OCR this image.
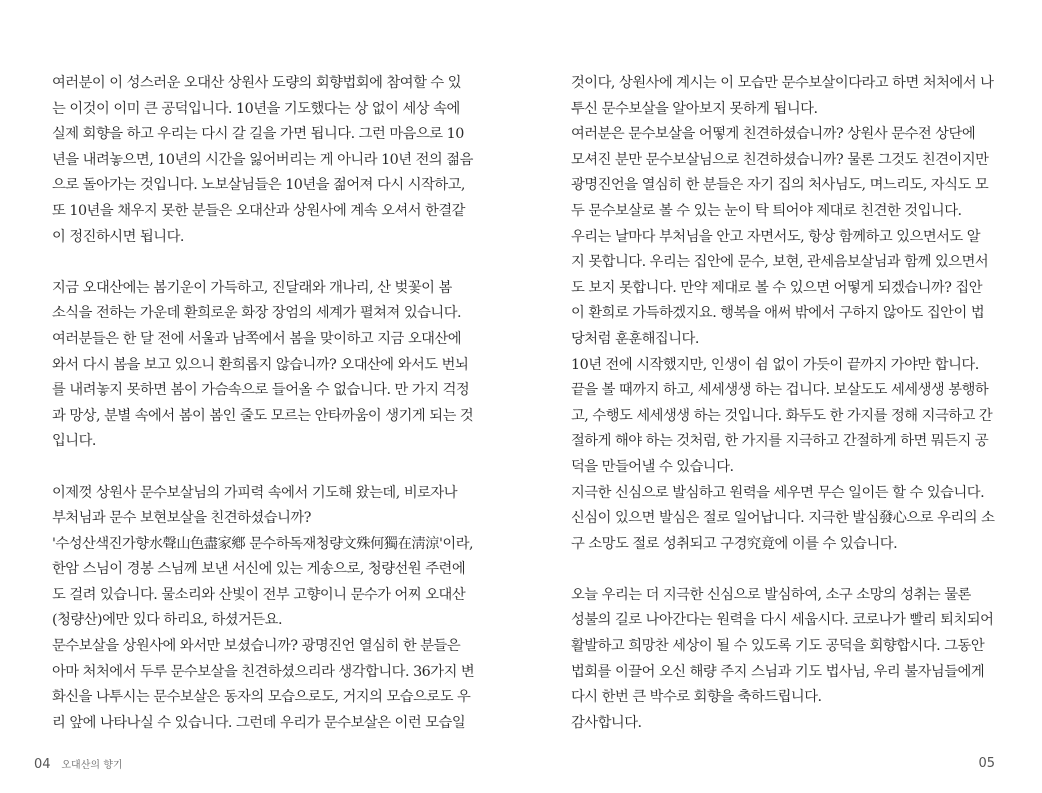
여러분이 이 성스러운 오대산 상원사 도량의 회향법회에 참여할 수 있
는 이것이 이미 큰 공덕입니다. 10년을 기도했다는 상 없이 세상 속에
실제 회향을 하고 우리는 다시 갈 길을 가면 됩니다. 그런 마음으로 10
년을 내려놓으면, 10년의 시간을 잃어버리는 게 아니라 10년 전의 젊음
으로 돌아가는 것입니다. 노보살님들은 10년을 젊어져 다시 시작하고,
또 10년을 채우지 못한 분들은 오대산과 상원사에 계속 오셔서 한결같
이 정진하시면 됩니다.
지금 오대산에는 봄기운이 가득하고, 진달래와 개나리, 산 벚꽃이 봄
소식을 전하는 가운데 환희로운 화장 장엄의 세계가 펼쳐져 있습니다.
여러분들은 한 달 전에 서울과 남쪽에서 봄을 맞이하고 지금 오대산에
와서 다시 봄을 보고 있으니 환희롭지 않습니까? 오대산에 와서도 번뇌
를 내려놓지 못하면 봄이 가슴속으로 들어올 수 없습니다. 만 가지 걱정
과 망상, 분별 속에서 봄이 봄인 줄도 모르는 안타까움이 생기게 되는 것
입니다.
이제껏 상원사 문수보살님의 가피력 속에서 기도해 왔는데, 비로자나
부처님과 문수 보현보살을 친견하셨습니까?
'수성산색진가향水聲山色盡家鄕 문수하독재청량文殊何獨在淸涼'이라,
한암 스님이 경봉 스님께 보낸 서신에 있는 게송으로, 청량선원 주련에
도 걸려 있습니다. 물소리와 산빛이 전부 고향이니 문수가 어찌 오대산
(청량산)에만 있다 하리요, 하셨거든요.
문수보살을 상원사에 와서만 보셨습니까? 광명진언 열심히 한 분들은
아마 처처에서 두루 문수보살을 친견하셨으리라 생각합니다. 36가지 변
화신을 나투시는 문수보살은 동자의 모습으로도, 거지의 모습으로도 우
리 앞에 나타나실 수 있습니다. 그런데 우리가 문수보살은 이런 모습일
04 오대산의 향기
것이다, 상원사에 계시는 이 모습만 문수보살이다라고 하면 처처에서 나
투신 문수보살을 알아보지 못하게 됩니다.
여러분은 문수보살을 어떻게 친견하셨습니까? 상원사 문수전 상단에
모셔진 분만 문수보살님으로 친견하셨습니까? 물론 그것도 친견이지만
광명진언을 열심히 한 분들은 자기 집의 처사님도, 며느리도, 자식도 모
두 문수보살로 볼 수 있는 눈이 탁 틔어야 제대로 친견한 것입니다.
우리는 날마다 부처님을 안고 자면서도, 항상 함께하고 있으면서도 알
지 못합니다. 우리는 집안에 문수, 보현, 관세음보살님과 함께 있으면서
도 보지 못합니다. 만약 제대로 볼 수 있으면 어떻게 되겠습니까? 집안
이 환희로 가득하겠지요. 행복을 애써 밖에서 구하지 않아도 집안이 법
당처럼 훈훈해집니다.
10년 전에 시작했지만, 인생이 쉼 없이 가듯이 끝까지 가야만 합니다.
끝을 볼 때까지 하고, 세세생생 하는 겁니다. 보살도도 세세생생 봉행하
고, 수행도 세세생생 하는 것입니다. 화두도 한 가지를 정해 지극하고 간
절하게 해야 하는 것처럼, 한 가지를 지극하고 간절하게 하면 뭐든지 공
덕을 만들어낼 수 있습니다.
지극한 신심으로 발심하고 원력을 세우면 무슨 일이든 할 수 있습니다.
신심이 있으면 발심은 절로 일어납니다. 지극한 발심發心으로 우리의 소
구 소망도 절로 성취되고 구경究竟에 이를 수 있습니다.
오늘 우리는 더 지극한 신심으로 발심하여, 소구 소망의 성취는 물론
성불의 길로 나아간다는 원력을 다시 세웁시다. 코로나가 빨리 퇴치되어
활발하고 희망찬 세상이 될 수 있도록 기도 공덕을 회향합시다. 그동안
법회를 이끌어 오신 해량 주지 스님과 기도 법사님, 우리 불자님들에게
다시 한번 큰 박수로 회향을 축하드립니다.
감사합니다.
05
